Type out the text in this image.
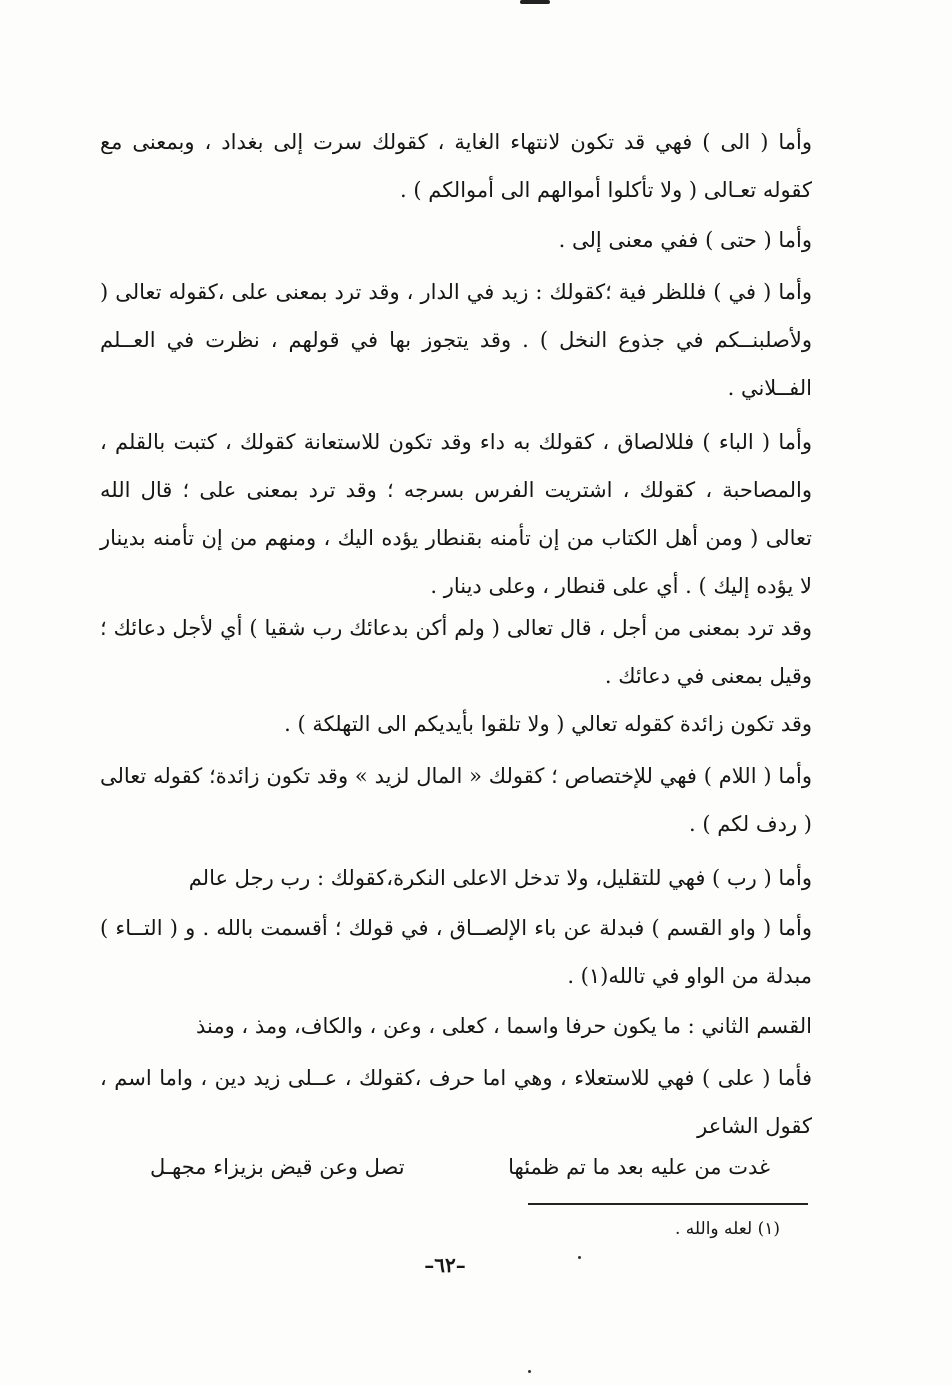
وأما ( الى ) فهي قد تكون لانتهاء الغاية ، كقولك سرت إلى بغداد ، وبمعنى مع كقوله تعـالى ( ولا تأكلوا أموالهم الى أموالكم ) .

وأما ( حتى ) ففي معنى إلى .

وأما ( في ) فللظر فية ؛كقولك : زيد في الدار ، وقد ترد بمعنى على ،كقوله تعالى ( ولأصلبنــكم في جذوع النخل ) . وقد يتجوز بها في قولهم ، نظرت في العــلم الفــلاني .

وأما ( الباء ) فللالصاق ، كقولك به داء وقد تكون للاستعانة كقولك ، كتبت بالقلم ، والمصاحبة ، كقولك ، اشتريت الفرس بسرجه ؛ وقد ترد بمعنى على ؛ قال الله تعالى ( ومن أهل الكتاب من إن تأمنه بقنطار يؤده اليك ، ومنهم من إن تأمنه بدينار لا يؤده إليك ) . أي على قنطار ، وعلى دينار .

وقد ترد بمعنى من أجل ، قال تعالى ( ولم أكن بدعائك رب شقيا ) أي لأجل دعائك ؛ وقيل بمعنى في دعائك .

وقد تكون زائدة كقوله تعالي ( ولا تلقوا بأيديكم الى التهلكة ) .

وأما ( اللام ) فهي للإختصاص ؛ كقولك « المال لزيد » وقد تكون زائدة؛ كقوله تعالى ( ردف لكم ) .

وأما ( رب ) فهي للتقليل، ولا تدخل الاعلى النكرة،كقولك : رب رجل عالم

وأما ( واو القسم ) فبدلة عن باء الإلصــاق ، في قولك ؛ أقسمت بالله . و ( التــاء ) مبدلة من الواو في تالله(١) .

القسم الثاني : ما يكون حرفا واسما ، كعلى ، وعن ، والكاف، ومذ ، ومنذ

فأما ( على ) فهي للاستعلاء ، وهي اما حرف ،كقولك ، عــلى زيد دين ، واما اسم ، كقول الشاعر

غدت من عليه بعد ما تم ظمئها
تصل وعن قيض بزيزاء مجهـل
(١) لعله والله .
–٦٢–
